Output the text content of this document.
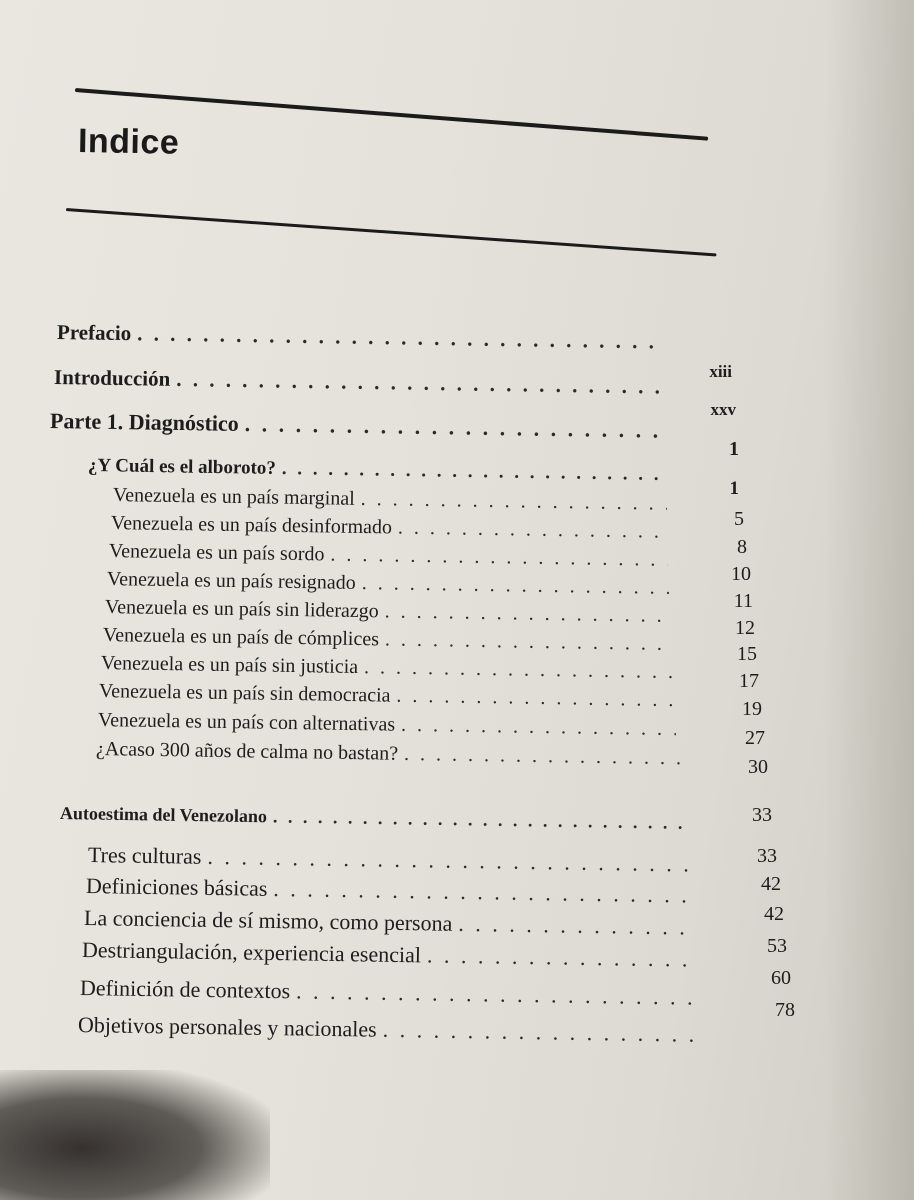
Indice
Prefacio
. . .
Introducción
. . .
Parte 1. Diagnóstico
. . .
¿Y Cuál es el alboroto?
. . .
Venezuela es un país marginal
. . .
Venezuela es un país desinformado
. . .
Venezuela es un país sordo
. . .
Venezuela es un país resignado
. . .
Venezuela es un país sin liderazgo
. . .
Venezuela es un país de cómplices
. . .
Venezuela es un país sin justicia
. . .
Venezuela es un país sin democracia
. . .
Venezuela es un país con alternativas
. . .
¿Acaso 300 años de calma no bastan?
. . .
Autoestima del Venezolano
. . .
Tres culturas
. . .
Definiciones básicas
. . .
La conciencia de sí mismo, como persona
. . .
Destriangulación, experiencia esencial
. . .
Definición de contextos
. . .
Objetivos personales y nacionales
. . .
xiii
xxv
1
1
5
8
10
11
12
15
17
19
27
30
33
33
42
42
53
60
78
